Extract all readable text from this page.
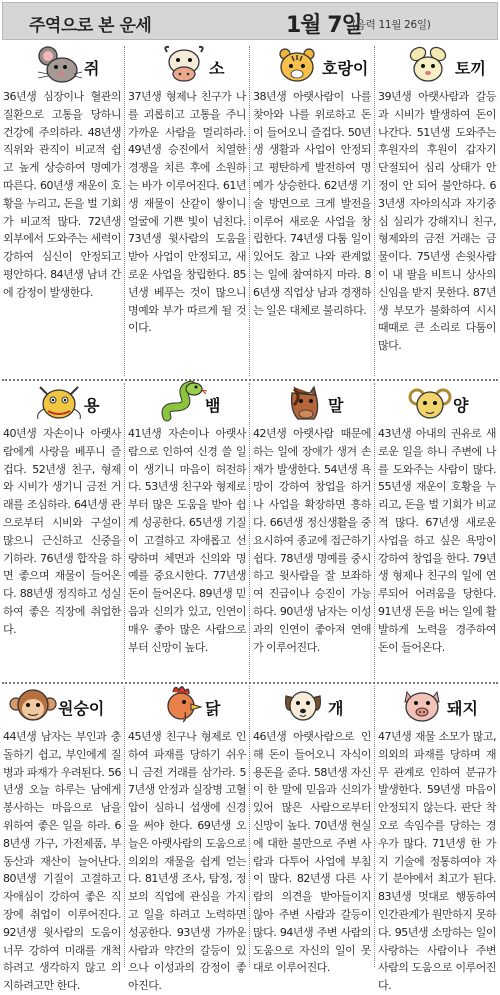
주역으로 본 운세	1월 7일
(음력 11월 26일)
쥐
36년생 심장이나 혈관의 질환으로 고통을 당하니 건강에 주의하라. 48년생 직위와 관직이 비교적 쉽고 높게 상승하여 명예가 따른다. 60년생 재운이 호황을 누리고, 돈을 벌 기회가 비교적 많다. 72년생 외부에서 도와주는 세력이 강하여 심신이 안정되고 평안하다. 84년생 남녀 간에 감정이 발생한다.
소
37년생 형제나 친구가 나를 괴롭히고 고통을 주니 가까운 사람을 멀리하라. 49년생 승진에서 치열한 경쟁을 치른 후에 소원하는 바가 이루어진다. 61년생 재물이 산같이 쌓이니 얼굴에 기쁜 빛이 넘친다. 73년생 윗사람의 도움을 받아 사업이 안정되고, 새로운 사업을 창립한다. 85년생 베푸는 것이 많으니 명예와 부가 따르게 될 것이다.
호랑이
38년생 아랫사람이 나를 찾아와 나를 위로하고 돈이 들어오니 즐겁다. 50년생 생활과 사업이 안정되고 평탄하게 발전하여 명예가 상승한다. 62년생 기술 방면으로 크게 발전을 이루어 새로운 사업을 창립한다. 74년생 다툼 일이 있어도 참고 나와 관계없는 일에 참여하지 마라. 86년생 직업상 남과 경쟁하는 일은 대체로 불리하다.
토끼
39년생 아랫사람과 갈등과 시비가 발생하여 돈이 나간다. 51년생 도와주는 후원자의 후원이 갑자기 단절되어 심리 상태가 안정이 안 되어 불안하다. 63년생 자아의식과 자기중심 심리가 강해지니 친구, 형제와의 금전 거래는 금물이다. 75년생 손윗사람이 내 팔을 비트니 상사의 신임을 받지 못한다. 87년생 부모가 불화하여 시시때때로 큰 소리로 다툼이 많다.
용
40년생 자손이나 아랫사람에게 사랑을 베푸니 즐겁다. 52년생 친구, 형제와 시비가 생기니 금전 거래를 조심하라. 64년생 관으로부터 시비와 구설이 많으니 근신하고 신중을 기하라. 76년생 합작을 하면 좋으며 재물이 들어온다. 88년생 정직하고 성실하여 좋은 직장에 취업한다.
뱀
41년생 자손이나 아랫사람으로 인하여 신경 쓸 일이 생기니 마음이 허전하다. 53년생 친구와 형제로부터 많은 도움을 받아 쉽게 성공한다. 65년생 기질이 고결하고 자애롭고 선량하며 체면과 신의와 명예를 중요시한다. 77년생 돈이 들어온다. 89년생 믿음과 신의가 있고, 인연이 매우 좋아 많은 사람으로부터 신망이 높다.
말
42년생 아랫사람 때문에 하는 일에 장애가 생겨 손재가 발생한다. 54년생 욕망이 강하여 창업을 하거나 사업을 확장하면 흥하다. 66년생 정신생활을 중요시하여 종교에 접근하기 쉽다. 78년생 명예를 중시하고 윗사람을 잘 보좌하여 진급이나 승진이 가능하다. 90년생 남자는 이성과의 인연이 좋아져 연애가 이루어진다.
양
43년생 아내의 권유로 새로운 일을 하니 주변에 나를 도와주는 사람이 많다. 55년생 재운이 호황을 누리고, 돈을 벌 기회가 비교적 많다. 67년생 새로운 사업을 하고 싶은 욕망이 강하여 창업을 한다. 79년생 형제나 친구의 일에 연루되어 어려움을 당한다. 91년생 돈을 버는 일에 활발하게 노력을 경주하여 돈이 들어온다.
원숭이
44년생 남자는 부인과 충돌하기 쉽고, 부인에게 질병과 파재가 우려된다. 56년생 오늘 하루는 남에게 봉사하는 마음으로 남을 위하여 좋은 일을 하라. 68년생 가구, 가전제품, 부동산과 재산이 늘어난다. 80년생 기질이 고결하고 자애심이 강하여 좋은 직장에 취업이 이루어진다. 92년생 윗사람의 도움이 너무 강하여 미래를 개척하려고 생각하지 않고 의지하려고만 한다.
닭
45년생 친구나 형제로 인하여 파재를 당하기 쉬우니 금전 거래를 삼가라. 57년생 안정과 실장병 고혈압이 심하니 섭생에 신경을 써야 한다. 69년생 오늘은 아랫사람의 도움으로 의외의 재물을 쉽게 얻는다. 81년생 조사, 탐정, 정보의 직업에 관심을 가지고 일을 하려고 노력하면 성공한다. 93년생 가까운 사람과 약간의 갈등이 있으나 이성과의 감정이 좋아진다.
개
46년생 아랫사람으로 인해 돈이 들어오니 자식이 용돈을 준다. 58년생 자신이 한 말에 믿음과 신의가 있어 많은 사람으로부터 신망이 높다. 70년생 현실에 대한 불만으로 주변 사람과 다투어 사업에 부침이 많다. 82년생 다른 사람의 의견을 받아들이지 않아 주변 사람과 갈등이 많다. 94년생 주변 사람의 도움으로 자신의 일이 못 대로 이루어진다.
돼지
47년생 재물 소모가 많고, 의외의 파재를 당하며 재무 관계로 인하여 분규가 발생한다. 59년생 마음이 안정되지 않는다. 판단 착오로 속임수를 당하는 경우가 많다. 71년생 한 가지 기술에 정통하여야 자기 분야에서 최고가 된다. 83년생 멋대로 행동하여 인간관계가 원만하지 못하다. 95년생 소망하는 일이 사랑하는 사람이나 주변 사람의 도움으로 이루어진다.
